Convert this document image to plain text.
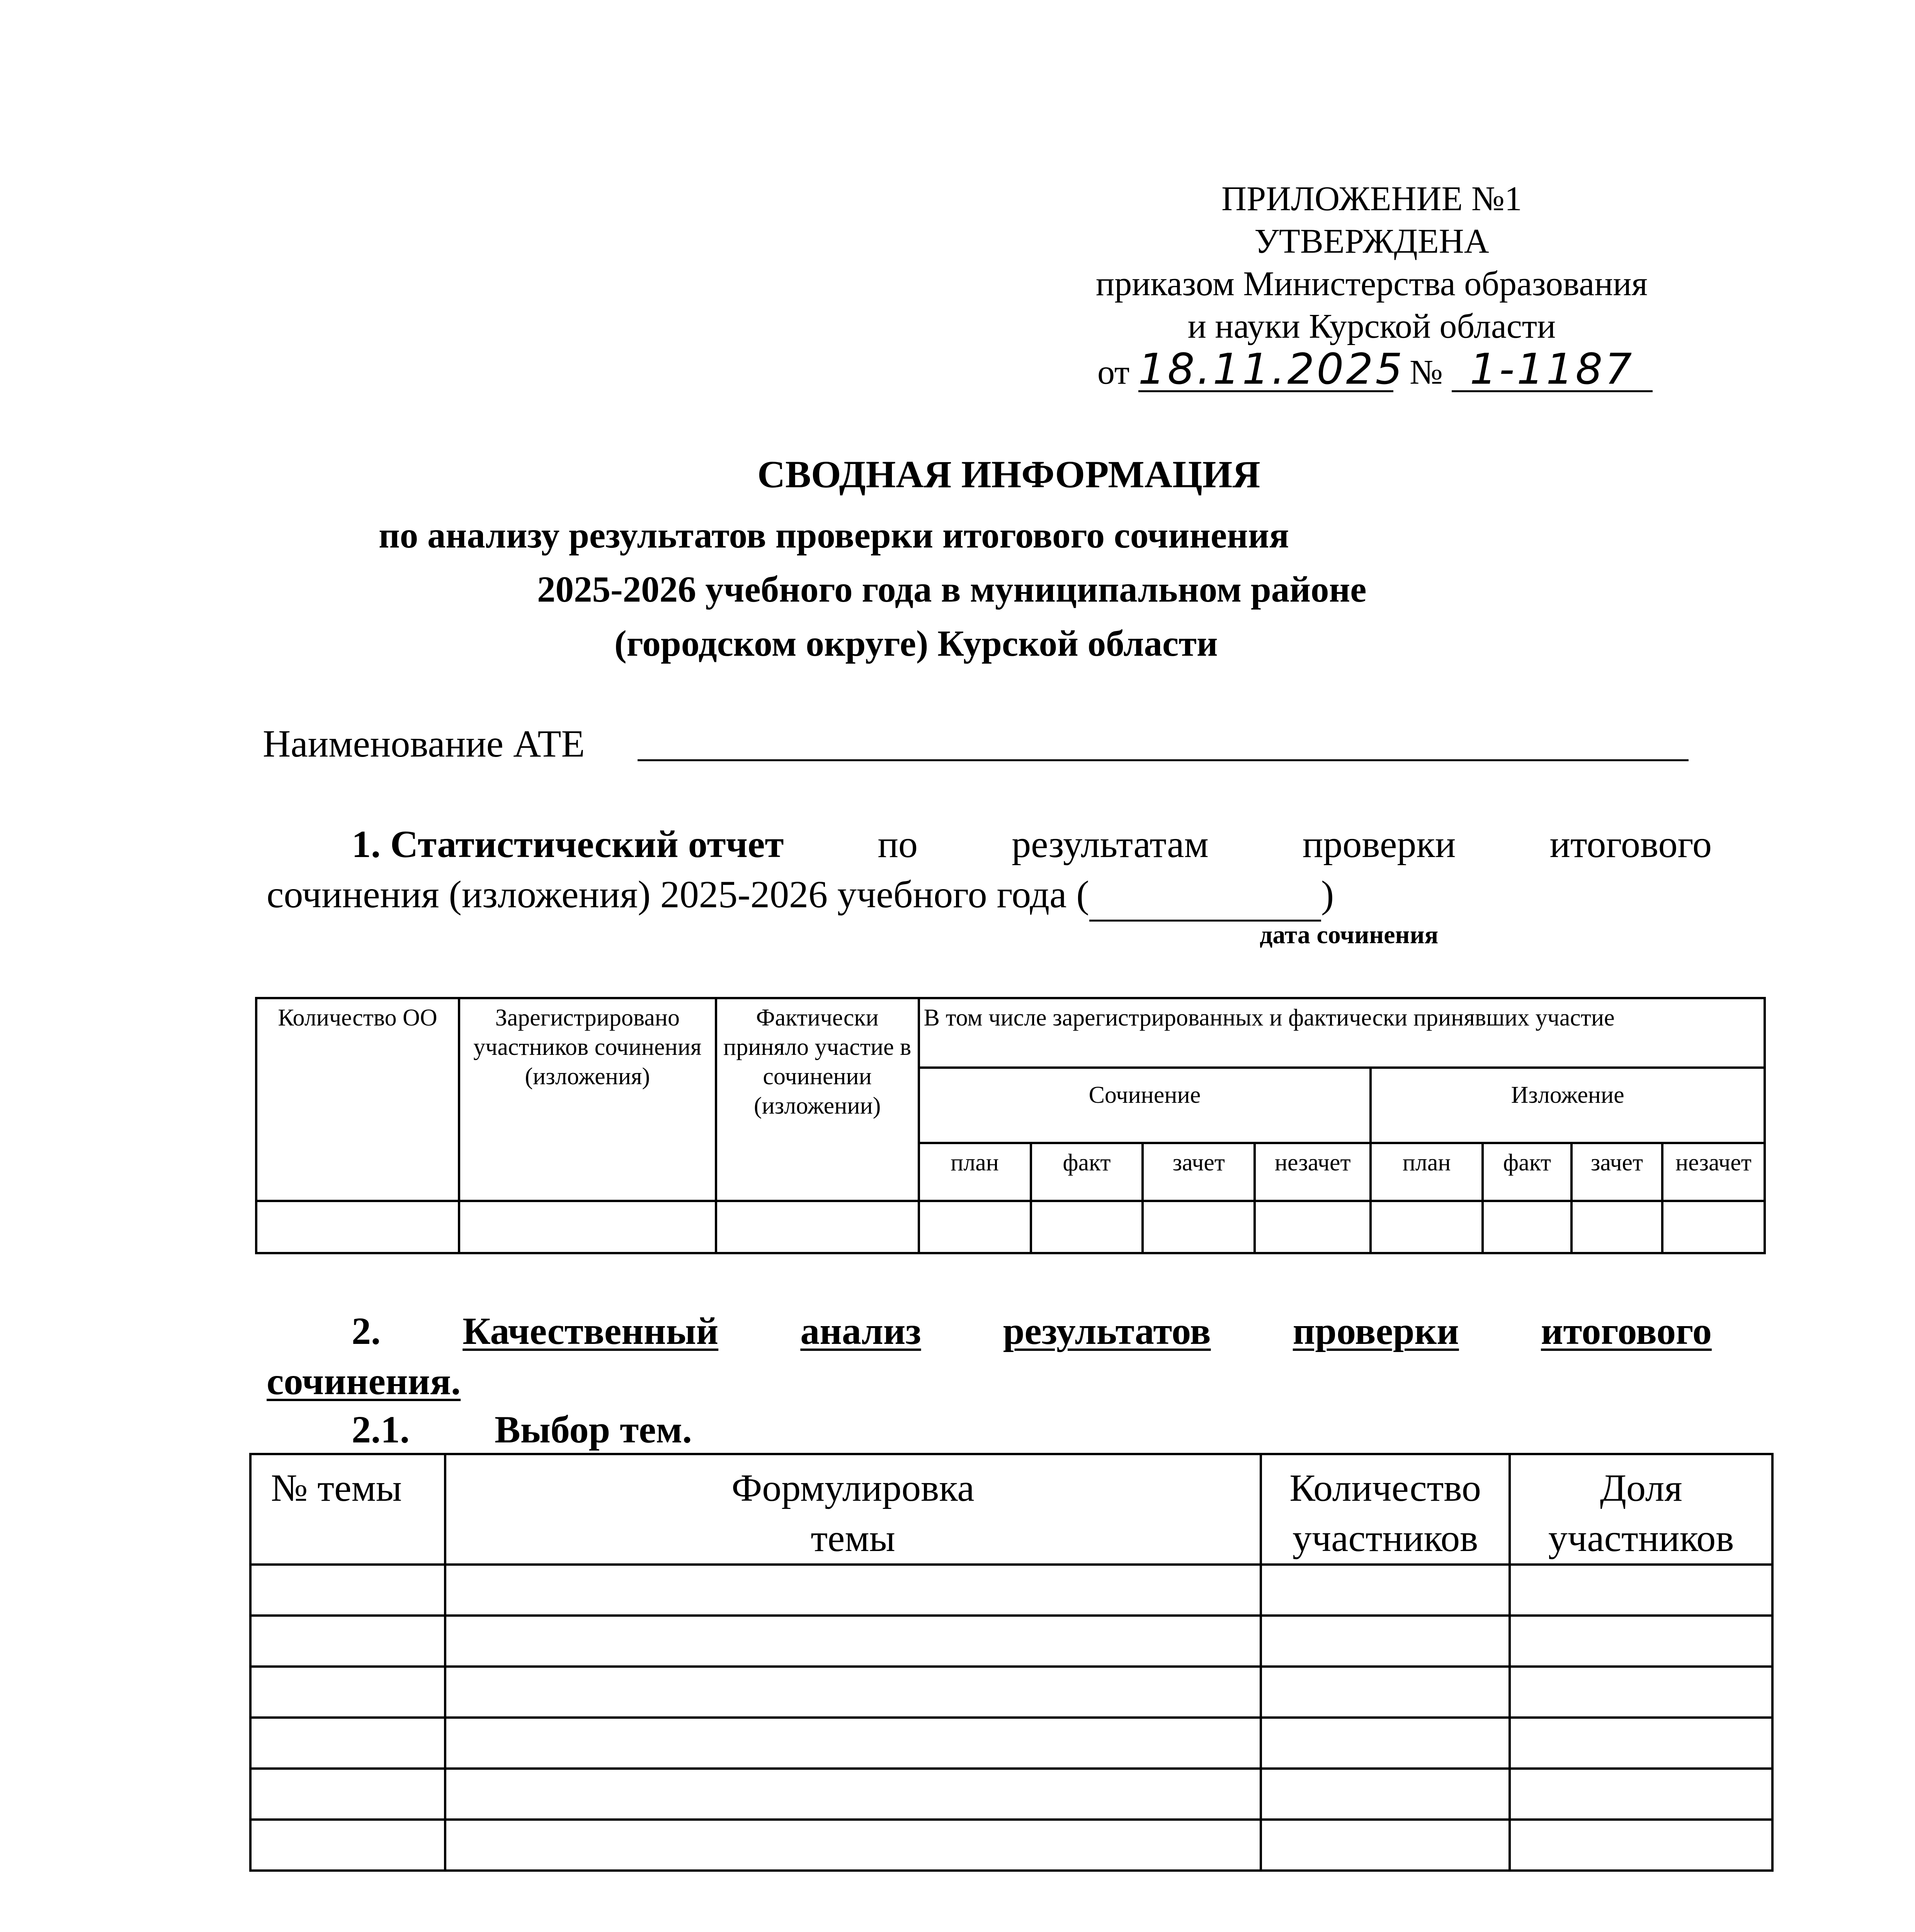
ПРИЛОЖЕНИЕ №1
УТВЕРЖДЕНА
приказом Министерства образования
и науки Курской области
от 18.11.2025 № 1-1187
СВОДНАЯ ИНФОРМАЦИЯ
по анализу результатов проверки итогового сочинения
2025-2026 учебного года в муниципальном районе
(городском округе) Курской области
Наименование АТЕ
1. Статистический отчет по результатам проверки итогового
сочинения (изложения) 2025-2026 учебного года (	)
дата сочинения
Количество ОО	Зарегистрировано участников сочинения (изложения)	Фактически приняло участие в сочинении (изложении)	В том числе зарегистрированных и фактически принявших участие							
			Сочинение				Изложение			
			план	факт	зачет	незачет	план	факт	зачет	незачет

2. Качественный анализ результатов проверки итогового
сочинения.
2.1. Выбор тем.
№ темы	Формулировка темы	Количество участников	Доля участников
